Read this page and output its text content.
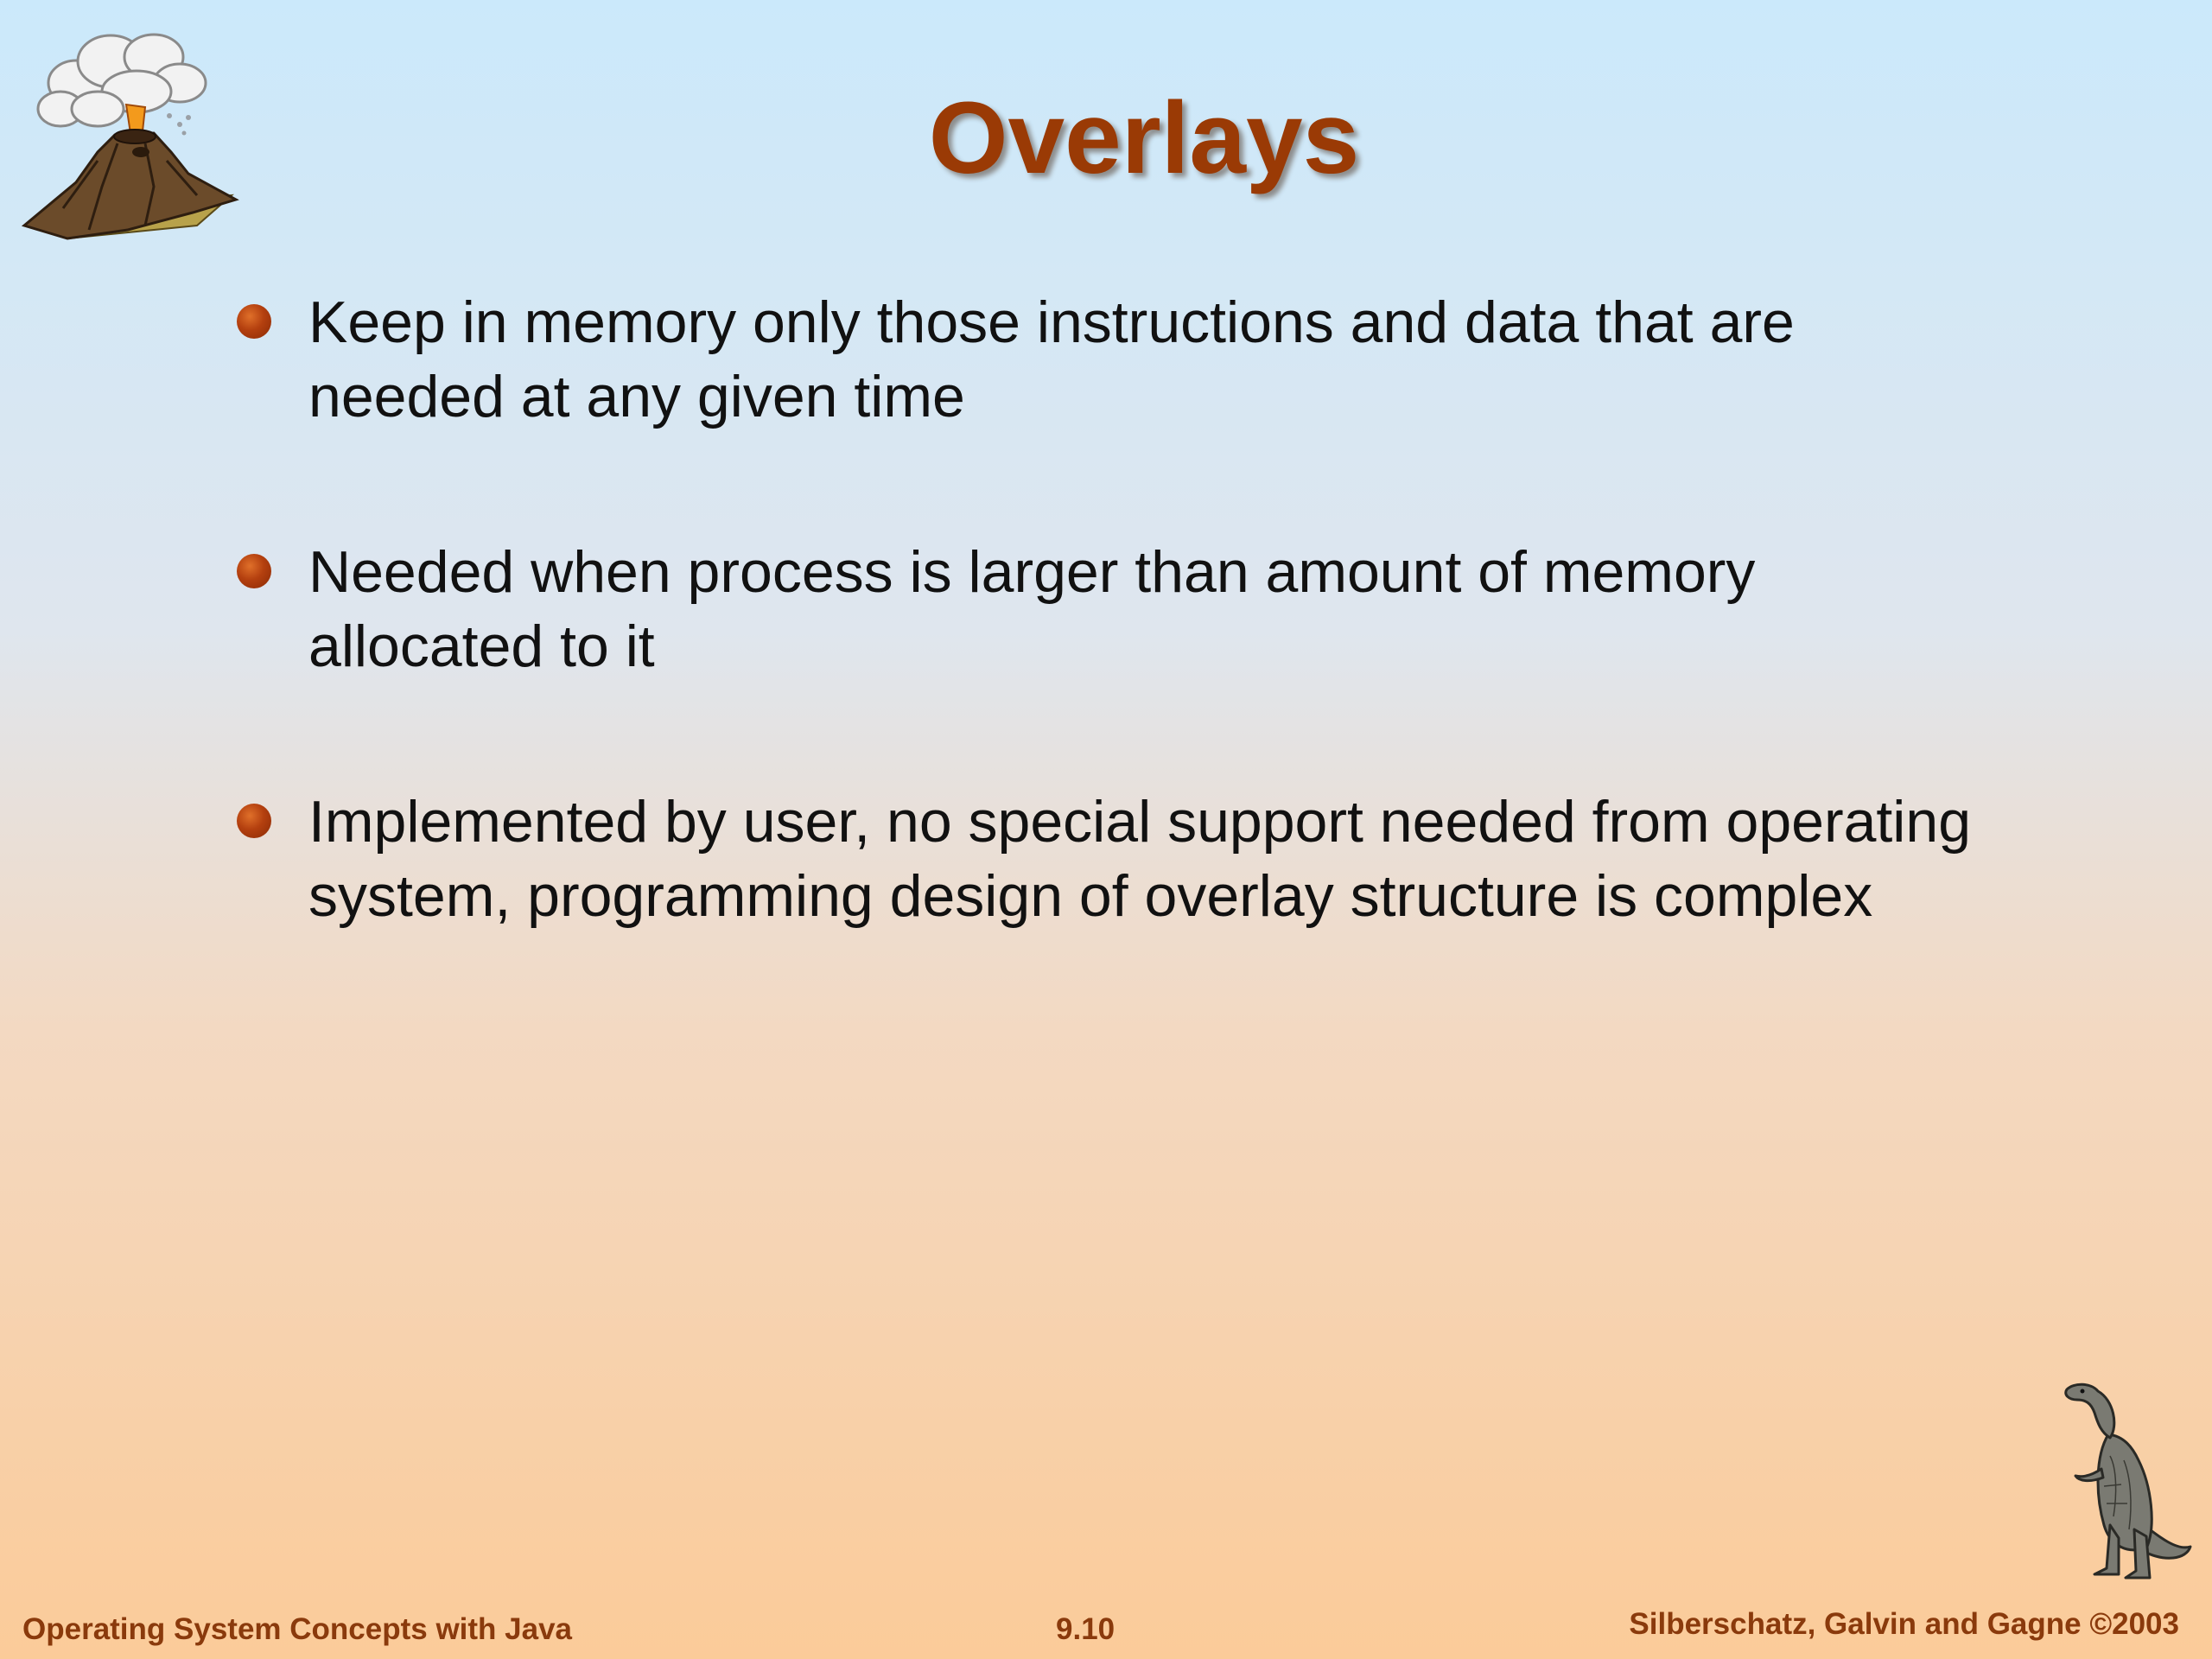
Overlays
Keep in memory only those instructions and data that are
needed at any given time
Needed when process is larger than amount of memory
allocated to it
Implemented by user, no special support needed from operating
system, programming design of overlay structure is complex
Operating System Concepts with Java	9.10	Silberschatz, Galvin and Gagne ©2003
